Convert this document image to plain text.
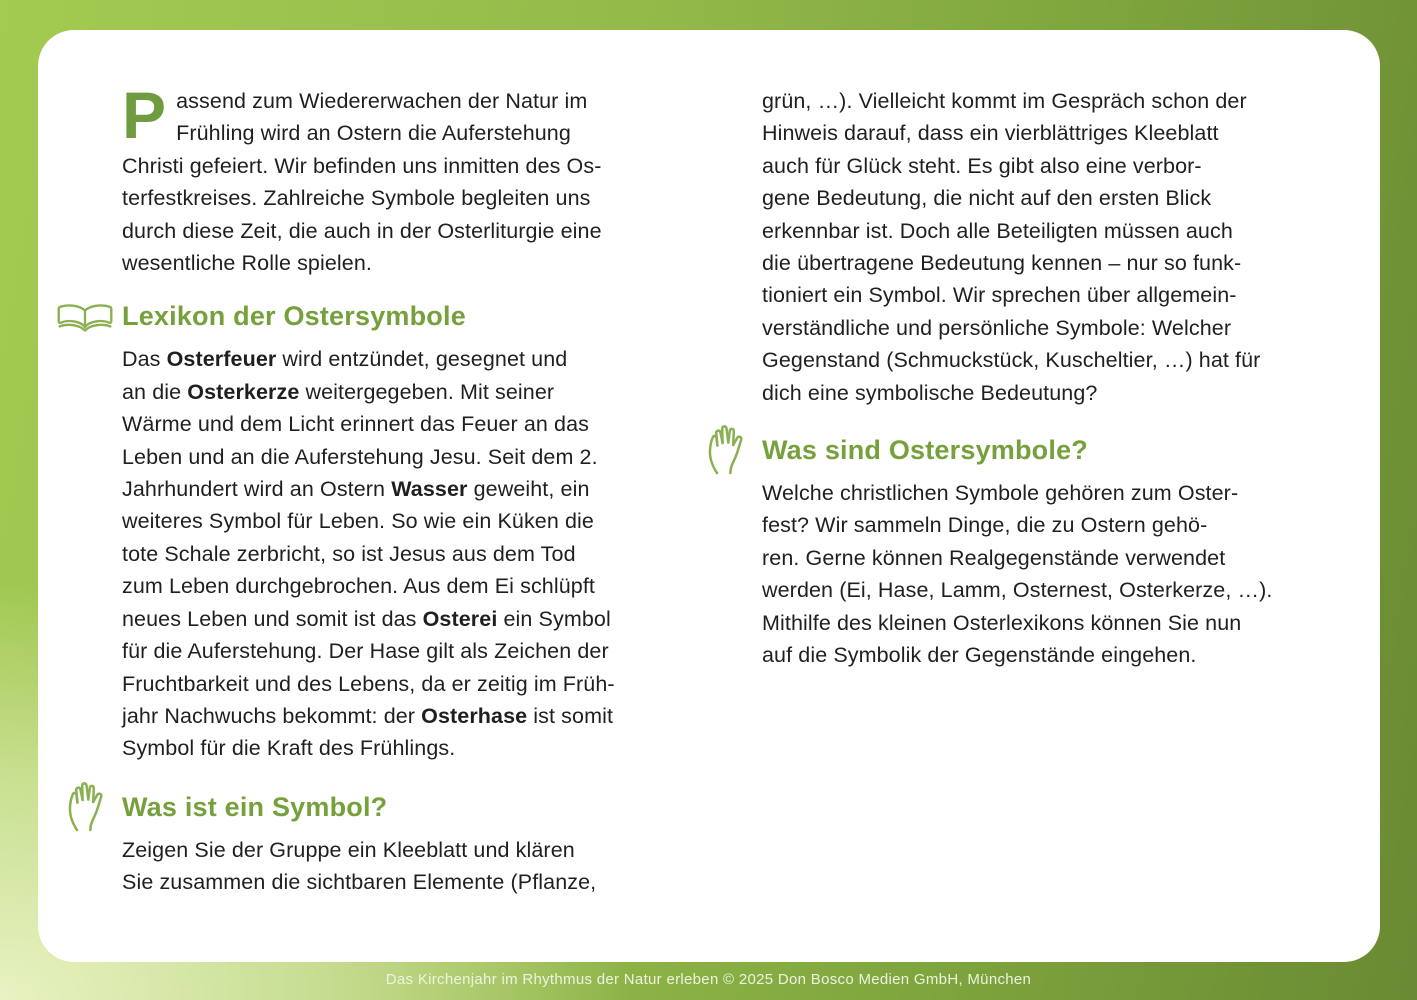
Passend zum Wiedererwachen der Natur im
Frühling wird an Ostern die Auferstehung
Christi gefeiert. Wir befinden uns inmitten des Os-
terfestkreises. Zahlreiche Symbole begleiten uns
durch diese Zeit, die auch in der Osterliturgie eine
wesentliche Rolle spielen.

Lexikon der Ostersymbole

Das Osterfeuer wird entzündet, gesegnet und
an die Osterkerze weitergegeben. Mit seiner
Wärme und dem Licht erinnert das Feuer an das
Leben und an die Auferstehung Jesu. Seit dem 2.
Jahrhundert wird an Ostern Wasser geweiht, ein
weiteres Symbol für Leben. So wie ein Küken die
tote Schale zerbricht, so ist Jesus aus dem Tod
zum Leben durchgebrochen. Aus dem Ei schlüpft
neues Leben und somit ist das Osterei ein Symbol
für die Auferstehung. Der Hase gilt als Zeichen der
Fruchtbarkeit und des Lebens, da er zeitig im Früh-
jahr Nachwuchs bekommt: der Osterhase ist somit
Symbol für die Kraft des Frühlings.

Was ist ein Symbol?

Zeigen Sie der Gruppe ein Kleeblatt und klären
Sie zusammen die sichtbaren Elemente (Pflanze,

grün, …). Vielleicht kommt im Gespräch schon der
Hinweis darauf, dass ein vierblättriges Kleeblatt
auch für Glück steht. Es gibt also eine verbor-
gene Bedeutung, die nicht auf den ersten Blick
erkennbar ist. Doch alle Beteiligten müssen auch
die übertragene Bedeutung kennen – nur so funk-
tioniert ein Symbol. Wir sprechen über allgemein-
verständliche und persönliche Symbole: Welcher
Gegenstand (Schmuckstück, Kuscheltier, …) hat für
dich eine symbolische Bedeutung?

Was sind Ostersymbole?

Welche christlichen Symbole gehören zum Oster-
fest? Wir sammeln Dinge, die zu Ostern gehö-
ren. Gerne können Realgegenstände verwendet
werden (Ei, Hase, Lamm, Osternest, Osterkerze, …).
Mithilfe des kleinen Osterlexikons können Sie nun
auf die Symbolik der Gegenstände eingehen.

Das Kirchenjahr im Rhythmus der Natur erleben © 2025 Don Bosco Medien GmbH, München
